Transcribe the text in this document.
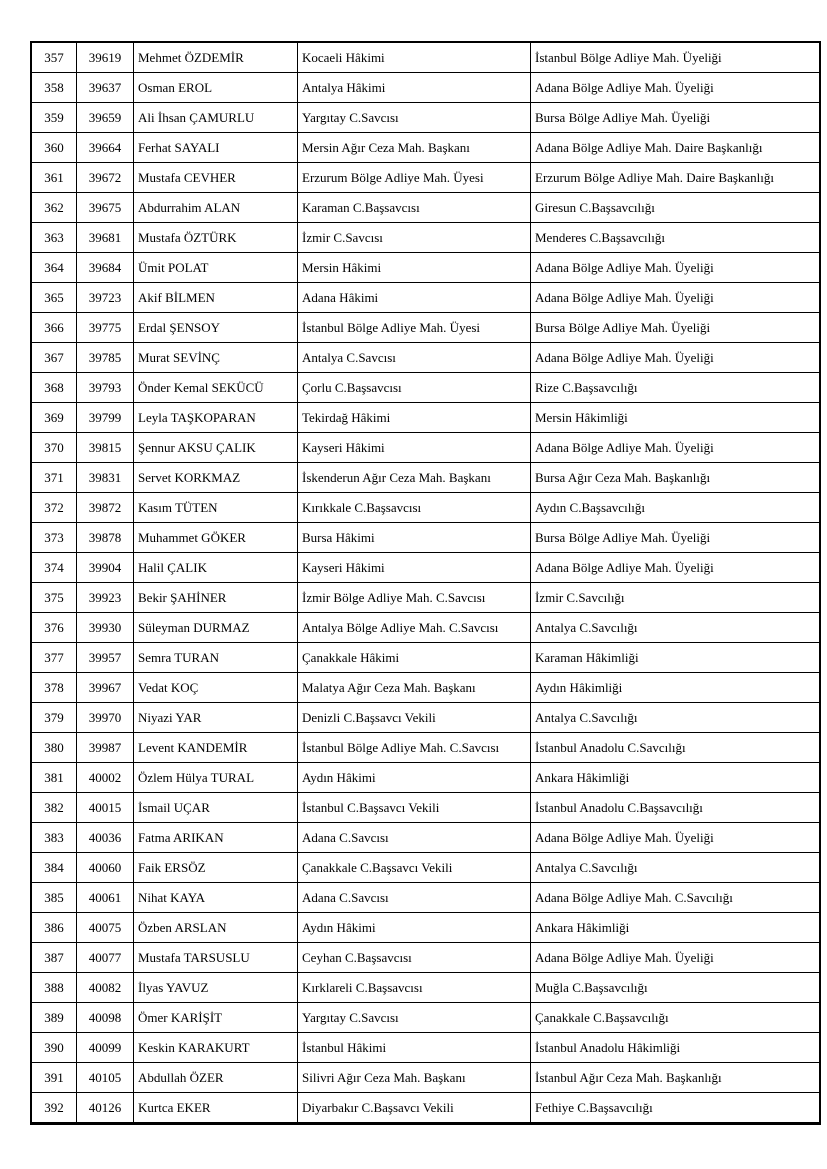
357	39619	Mehmet ÖZDEMİR	Kocaeli Hâkimi	İstanbul Bölge Adliye Mah. Üyeliği
358	39637	Osman EROL	Antalya Hâkimi	Adana Bölge Adliye Mah. Üyeliği
359	39659	Ali İhsan ÇAMURLU	Yargıtay C.Savcısı	Bursa Bölge Adliye Mah. Üyeliği
360	39664	Ferhat SAYALI	Mersin Ağır Ceza Mah. Başkanı	Adana Bölge Adliye Mah. Daire Başkanlığı
361	39672	Mustafa CEVHER	Erzurum Bölge Adliye Mah. Üyesi	Erzurum Bölge Adliye Mah. Daire Başkanlığı
362	39675	Abdurrahim ALAN	Karaman C.Başsavcısı	Giresun C.Başsavcılığı
363	39681	Mustafa ÖZTÜRK	İzmir C.Savcısı	Menderes C.Başsavcılığı
364	39684	Ümit POLAT	Mersin Hâkimi	Adana Bölge Adliye Mah. Üyeliği
365	39723	Akif BİLMEN	Adana Hâkimi	Adana Bölge Adliye Mah. Üyeliği
366	39775	Erdal ŞENSOY	İstanbul Bölge Adliye Mah. Üyesi	Bursa Bölge Adliye Mah. Üyeliği
367	39785	Murat SEVİNÇ	Antalya C.Savcısı	Adana Bölge Adliye Mah. Üyeliği
368	39793	Önder Kemal SEKÜCÜ	Çorlu C.Başsavcısı	Rize C.Başsavcılığı
369	39799	Leyla TAŞKOPARAN	Tekirdağ Hâkimi	Mersin Hâkimliği
370	39815	Şennur AKSU ÇALIK	Kayseri Hâkimi	Adana Bölge Adliye Mah. Üyeliği
371	39831	Servet KORKMAZ	İskenderun Ağır Ceza Mah. Başkanı	Bursa Ağır Ceza Mah. Başkanlığı
372	39872	Kasım TÜTEN	Kırıkkale C.Başsavcısı	Aydın C.Başsavcılığı
373	39878	Muhammet GÖKER	Bursa Hâkimi	Bursa Bölge Adliye Mah. Üyeliği
374	39904	Halil ÇALIK	Kayseri Hâkimi	Adana Bölge Adliye Mah. Üyeliği
375	39923	Bekir ŞAHİNER	İzmir Bölge Adliye Mah. C.Savcısı	İzmir C.Savcılığı
376	39930	Süleyman DURMAZ	Antalya Bölge Adliye Mah. C.Savcısı	Antalya C.Savcılığı
377	39957	Semra TURAN	Çanakkale Hâkimi	Karaman Hâkimliği
378	39967	Vedat KOÇ	Malatya Ağır Ceza Mah. Başkanı	Aydın Hâkimliği
379	39970	Niyazi YAR	Denizli C.Başsavcı Vekili	Antalya C.Savcılığı
380	39987	Levent KANDEMİR	İstanbul Bölge Adliye Mah. C.Savcısı	İstanbul Anadolu C.Savcılığı
381	40002	Özlem Hülya TURAL	Aydın Hâkimi	Ankara Hâkimliği
382	40015	İsmail UÇAR	İstanbul C.Başsavcı Vekili	İstanbul Anadolu C.Başsavcılığı
383	40036	Fatma ARIKAN	Adana C.Savcısı	Adana Bölge Adliye Mah. Üyeliği
384	40060	Faik ERSÖZ	Çanakkale C.Başsavcı Vekili	Antalya C.Savcılığı
385	40061	Nihat KAYA	Adana C.Savcısı	Adana Bölge Adliye Mah. C.Savcılığı
386	40075	Özben ARSLAN	Aydın Hâkimi	Ankara Hâkimliği
387	40077	Mustafa TARSUSLU	Ceyhan C.Başsavcısı	Adana Bölge Adliye Mah. Üyeliği
388	40082	İlyas YAVUZ	Kırklareli C.Başsavcısı	Muğla C.Başsavcılığı
389	40098	Ömer KARİŞİT	Yargıtay C.Savcısı	Çanakkale C.Başsavcılığı
390	40099	Keskin KARAKURT	İstanbul Hâkimi	İstanbul Anadolu Hâkimliği
391	40105	Abdullah ÖZER	Silivri Ağır Ceza Mah. Başkanı	İstanbul Ağır Ceza Mah. Başkanlığı
392	40126	Kurtca EKER	Diyarbakır C.Başsavcı Vekili	Fethiye C.Başsavcılığı
